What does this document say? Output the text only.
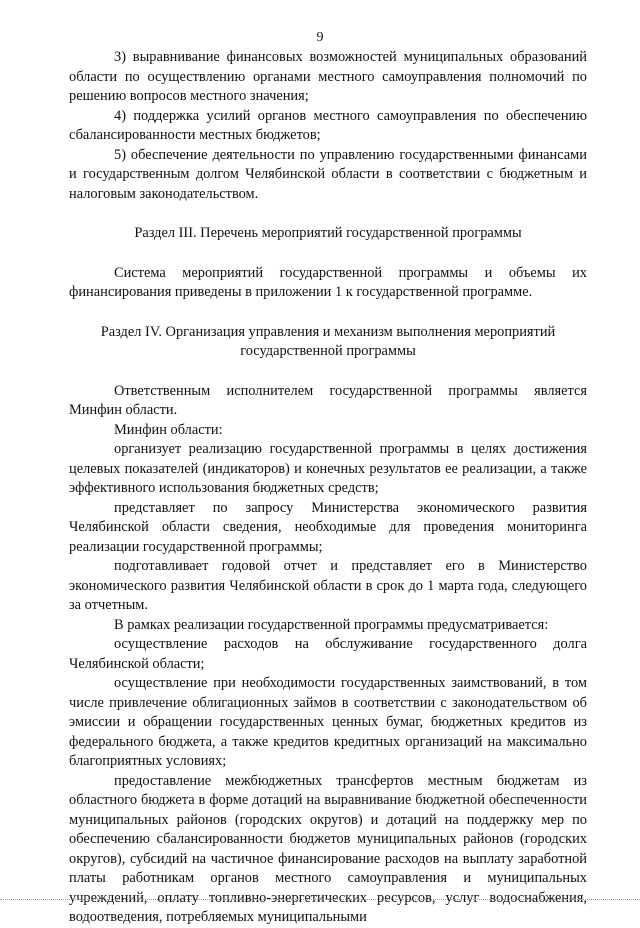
9

3) выравнивание финансовых возможностей муниципальных образований области по осуществлению органами местного самоуправления полномочий по решению вопросов местного значения;

4) поддержка усилий органов местного самоуправления по обеспечению сбалансированности местных бюджетов;

5) обеспечение деятельности по управлению государственными финансами и государственным долгом Челябинской области в соответствии с бюджетным и налоговым законодательством.

Раздел III. Перечень мероприятий государственной программы

Система мероприятий государственной программы и объемы их финансирования приведены в приложении 1 к государственной программе.

Раздел IV. Организация управления и механизм выполнения мероприятий государственной программы

Ответственным исполнителем государственной программы является Минфин области.

Минфин области:

организует реализацию государственной программы в целях достижения целевых показателей (индикаторов) и конечных результатов ее реализации, а также эффективного использования бюджетных средств;

представляет по запросу Министерства экономического развития Челябинской области сведения, необходимые для проведения мониторинга реализации государственной программы;

подготавливает годовой отчет и представляет его в Министерство экономического развития Челябинской области в срок до 1 марта года, следующего за отчетным.

В рамках реализации государственной программы предусматривается:

осуществление расходов на обслуживание государственного долга Челябинской области;

осуществление при необходимости государственных заимствований, в том числе привлечение облигационных займов в соответствии с законодательством об эмиссии и обращении государственных ценных бумаг, бюджетных кредитов из федерального бюджета, а также кредитов кредитных организаций на максимально благоприятных условиях;

предоставление межбюджетных трансфертов местным бюджетам из областного бюджета в форме дотаций на выравнивание бюджетной обеспеченности муниципальных районов (городских округов) и дотаций на поддержку мер по обеспечению сбалансированности бюджетов муниципальных районов (городских округов), субсидий на частичное финансирование расходов на выплату заработной платы работникам органов местного самоуправления и муниципальных учреждений, оплату топливно-энергетических ресурсов, услуг водоснабжения, водоотведения, потребляемых муниципальными
